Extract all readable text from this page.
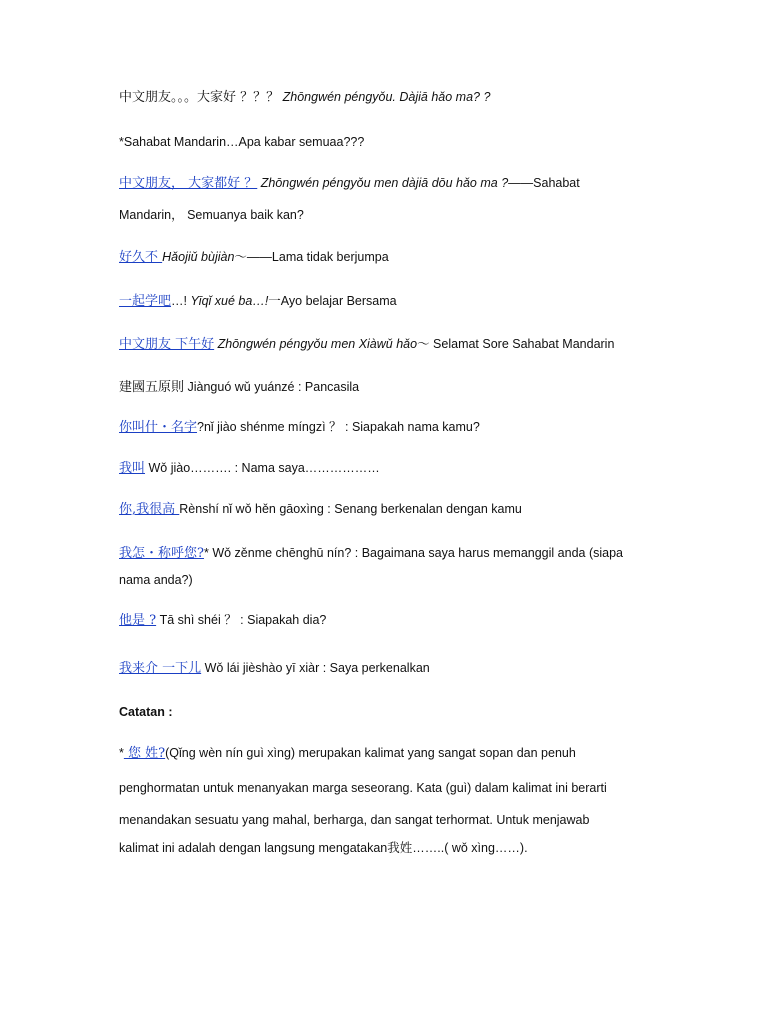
中文朋友。。。大家好 ？？？ Zhōngwén péngyǒu. Dàjiā hǎo ma? ?
*Sahabat Mandarin…Apa kabar semuaa???
中文朋友， 大家都好 ？ Zhōngwén péngyǒu men dàjiā dōu hǎo ma ?——Sahabat
Mandarin， Semuanya baik kan?
好久不 Hǎojiǔ bùjiàn～——Lama tidak berjumpa
一起学吧…! Yīqǐ xué ba…!一Ayo belajar Bersama
中文朋友 下午好 Zhōngwén péngyǒu men Xiàwǔ hǎo～ Selamat Sore Sahabat Mandarin
建國五原則 Jiànguó wǔ yuánzé : Pancasila
你叫什・名字?nǐ jiào shénme míngzì ？ : Siapakah nama kamu?
我叫 Wǒ jiào………. : Nama saya………………
你,我很高 Rènshí nǐ wǒ hěn gāoxìng : Senang berkenalan dengan kamu
我怎・称呼您?* Wǒ zěnme chēnghū nín? : Bagaimana saya harus memanggil anda (siapa
nama anda?)
他是 ? Tā shì shéi ？ : Siapakah dia?
我来介 一下儿 Wǒ lái jièshào yī xiàr : Saya perkenalkan
Catatan :
* 您 姓?(Qǐng wèn nín guì xìng) merupakan kalimat yang sangat sopan dan penuh
penghormatan untuk menanyakan marga seseorang. Kata (guì) dalam kalimat ini berarti
menandakan sesuatu yang mahal, berharga, dan sangat terhormat. Untuk menjawab
kalimat ini adalah dengan langsung mengatakan我姓……..( wǒ xìng……).
